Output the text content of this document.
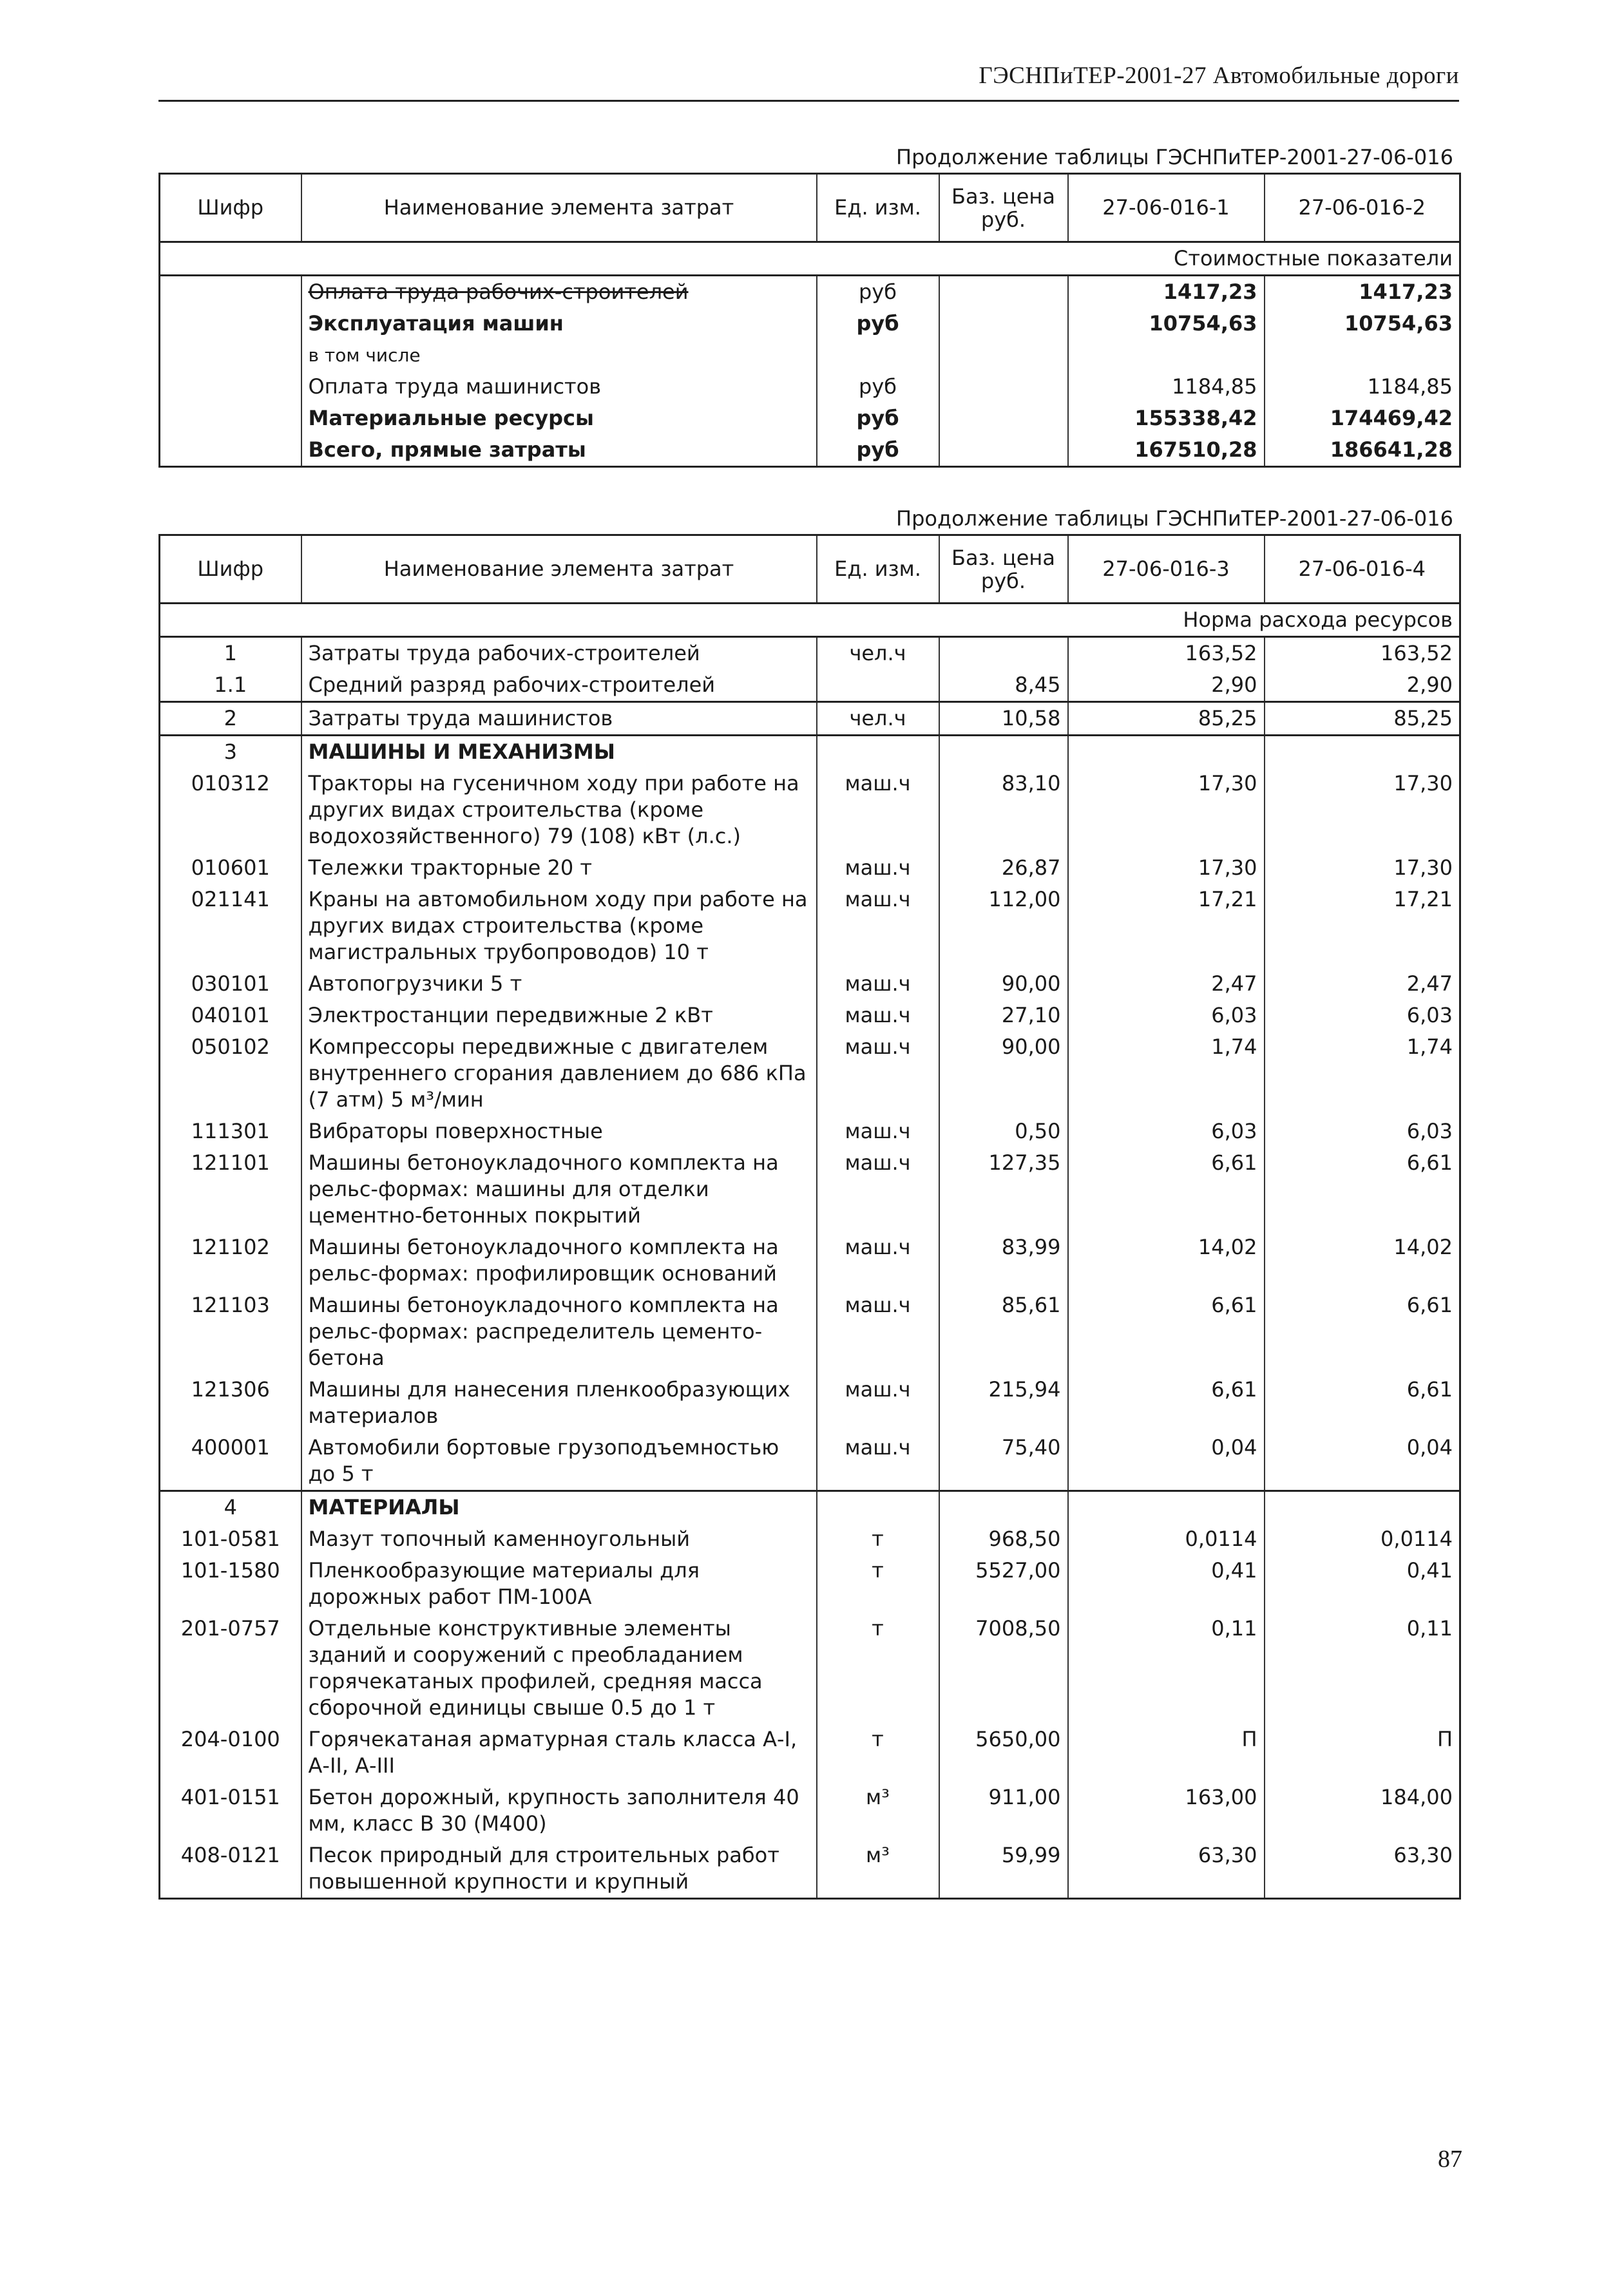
ГЭСНПиТЕР-2001-27 Автомобильные дороги
Продолжение таблицы ГЭСНПиТЕР-2001-27-06-016
Шифр	Наименование элемента затрат	Ед. изм.	Баз. цена руб.	27-06-016-1	27-06-016-2
Стоимостные показатели					
	Оплата труда рабочих-строителей	руб		1417,23	1417,23
	Эксплуатация машин	руб		10754,63	10754,63
	в том числе				
	Оплата труда машинистов	руб		1184,85	1184,85
	Материальные ресурсы	руб		155338,42	174469,42
	Всего, прямые затраты	руб		167510,28	186641,28
Продолжение таблицы ГЭСНПиТЕР-2001-27-06-016
Шифр	Наименование элемента затрат	Ед. изм.	Баз. цена руб.	27-06-016-3	27-06-016-4
Норма расхода ресурсов					
1	Затраты труда рабочих-строителей	чел.ч		163,52	163,52
1.1	Средний разряд рабочих-строителей		8,45	2,90	2,90
2	Затраты труда машинистов	чел.ч	10,58	85,25	85,25
3	МАШИНЫ И МЕХАНИЗМЫ				
010312	Тракторы на гусеничном ходу при работе на других видах строительства (кроме водохозяйственного) 79 (108) кВт (л.с.)	маш.ч	83,10	17,30	17,30
010601	Тележки тракторные 20 т	маш.ч	26,87	17,30	17,30
021141	Краны на автомобильном ходу при работе на других видах строительства (кроме магистральных трубопроводов) 10 т	маш.ч	112,00	17,21	17,21
030101	Автопогрузчики 5 т	маш.ч	90,00	2,47	2,47
040101	Электростанции передвижные 2 кВт	маш.ч	27,10	6,03	6,03
050102	Компрессоры передвижные с двигателем внутреннего сгорания давлением до 686 кПа (7 атм) 5 м³/мин	маш.ч	90,00	1,74	1,74
111301	Вибраторы поверхностные	маш.ч	0,50	6,03	6,03
121101	Машины бетоноукладочного комплекта на рельс-формах: машины для отделки цементно-бетонных покрытий	маш.ч	127,35	6,61	6,61
121102	Машины бетоноукладочного комплекта на рельс-формах: профилировщик оснований	маш.ч	83,99	14,02	14,02
121103	Машины бетоноукладочного комплекта на рельс-формах: распределитель цементо-бетона	маш.ч	85,61	6,61	6,61
121306	Машины для нанесения пленкообразующих материалов	маш.ч	215,94	6,61	6,61
400001	Автомобили бортовые грузоподъемностью до 5 т	маш.ч	75,40	0,04	0,04
4	МАТЕРИАЛЫ				
101-0581	Мазут топочный каменноугольный	т	968,50	0,0114	0,0114
101-1580	Пленкообразующие материалы для дорожных работ ПМ-100А	т	5527,00	0,41	0,41
201-0757	Отдельные конструктивные элементы зданий и сооружений с преобладанием горячекатаных профилей, средняя масса сборочной единицы свыше 0.5 до 1 т	т	7008,50	0,11	0,11
204-0100	Горячекатаная арматурная сталь класса А-I, А-II, А-III	т	5650,00	П	П
401-0151	Бетон дорожный, крупность заполнителя 40 мм, класс В 30 (М400)	м³	911,00	163,00	184,00
408-0121	Песок природный для строительных работ повышенной крупности и крупный	м³	59,99	63,30	63,30
87
